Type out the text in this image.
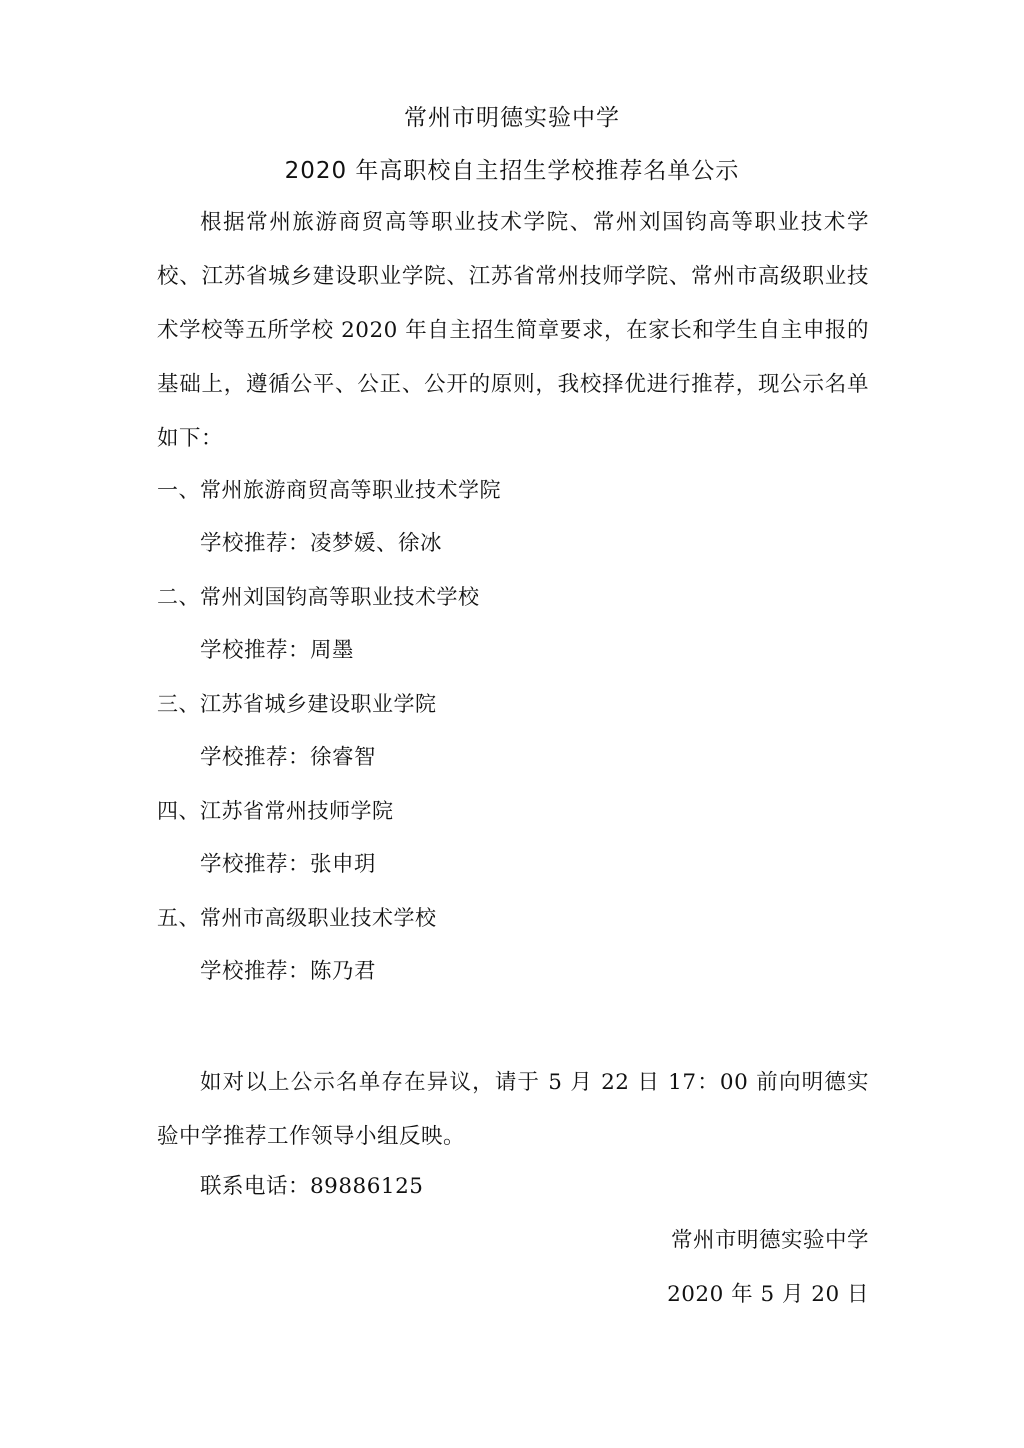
常州市明德实验中学
2020 年高职校自主招生学校推荐名单公示
根据常州旅游商贸高等职业技术学院、常州刘国钧高等职业技术学校、江苏省城乡建设职业学院、江苏省常州技师学院、常州市高级职业技术学校等五所学校 2020 年自主招生简章要求，在家长和学生自主申报的基础上，遵循公平、公正、公开的原则，我校择优进行推荐，现公示名单如下：
一、常州旅游商贸高等职业技术学院
学校推荐：凌梦媛、徐冰
二、常州刘国钧高等职业技术学校
学校推荐：周墨
三、江苏省城乡建设职业学院
学校推荐：徐睿智
四、江苏省常州技师学院
学校推荐：张申玥
五、常州市高级职业技术学校
学校推荐：陈乃君
如对以上公示名单存在异议，请于 5 月 22 日 17：00 前向明德实验中学推荐工作领导小组反映。
联系电话：89886125
常州市明德实验中学
2020 年 5 月 20 日
